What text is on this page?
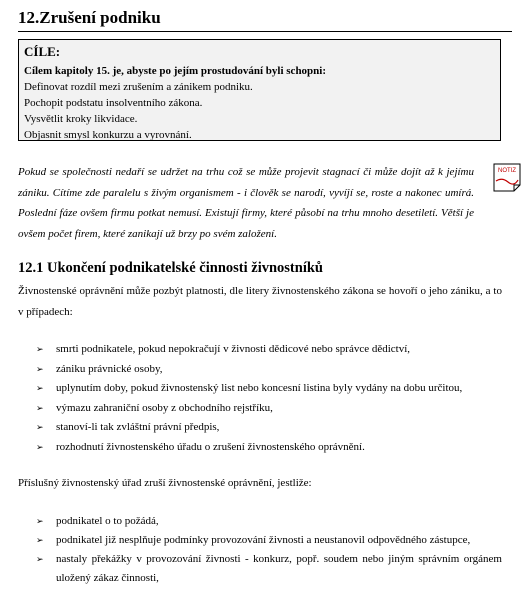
12.Zrušení podniku
CÍLE:
Cílem kapitoly 15. je, abyste po jejím prostudování byli schopni:
Definovat rozdíl mezi zrušením a zánikem podniku.
Pochopit podstatu insolventního zákona.
Vysvětlit kroky likvidace.
Objasnit smysl konkurzu a vyrovnání.
Pokud se společnosti nedaří se udržet na trhu což se může projevit stagnací či může dojít až k jejímu zániku. Cítíme zde paralelu s živým organismem - i člověk se narodí, vyvíjí se, roste a nakonec umírá. Poslední fáze ovšem firmu potkat nemusí. Existují firmy, které působí na trhu mnoho desetiletí. Větší je ovšem počet firem, které zanikají už brzy po svém založení.
NOTIZ
12.1 Ukončení podnikatelské činnosti živnostníků
Živnostenské oprávnění může pozbýt platnosti, dle litery živnostenského zákona se hovoří o jeho zániku, a to v případech:
➢ smrti podnikatele, pokud nepokračují v živnosti dědicové nebo správce dědictví,
➢ zániku právnické osoby,
➢ uplynutím doby, pokud živnostenský list nebo koncesní listina byly vydány na dobu určitou,
➢ výmazu zahraniční osoby z obchodního rejstříku,
➢ stanoví-li tak zvláštní právní předpis,
➢ rozhodnutí živnostenského úřadu o zrušení živnostenského oprávnění.
Příslušný živnostenský úřad zruší živnostenské oprávnění, jestliže:
➢ podnikatel o to požádá,
➢ podnikatel již nesplňuje podmínky provozování živnosti a neustanovil odpovědného zástupce,
➢ nastaly překážky v provozování živnosti - konkurz, popř. soudem nebo jiným správním orgánem uložený zákaz činnosti,
